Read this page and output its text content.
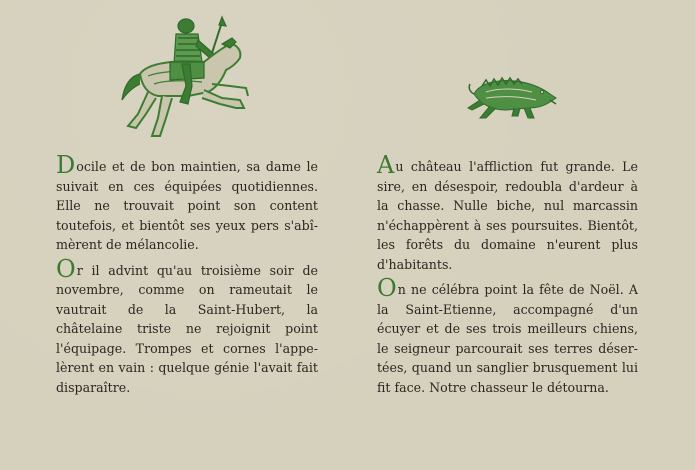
Docile et de bon maintien, sa dame le suivait en ces équipées quotidiennes. Elle ne trouvait point son content toutefois, et bientôt ses yeux pers s'abî-mèrent de mélancolie.

Or il advint qu'au troisième soir de novembre, comme on rameutait le vautrait de la Saint-Hubert, la châtelaine triste ne rejoignit point l'équipage. Trompes et cornes l'appe-lèrent en vain : quelque génie l'avait fait disparaître.

Au château l'affliction fut grande. Le sire, en désespoir, redoubla d'ardeur à la chasse. Nulle biche, nul marcassin n'échappèrent à ses poursuites. Bientôt, les forêts du domaine n'eurent plus d'habitants.

On ne célébra point la fête de Noël. A la Saint-Etienne, accompagné d'un écuyer et de ses trois meilleurs chiens, le seigneur parcourait ses terres déser-tées, quand un sanglier brusquement lui fit face. Notre chasseur le détourna.
